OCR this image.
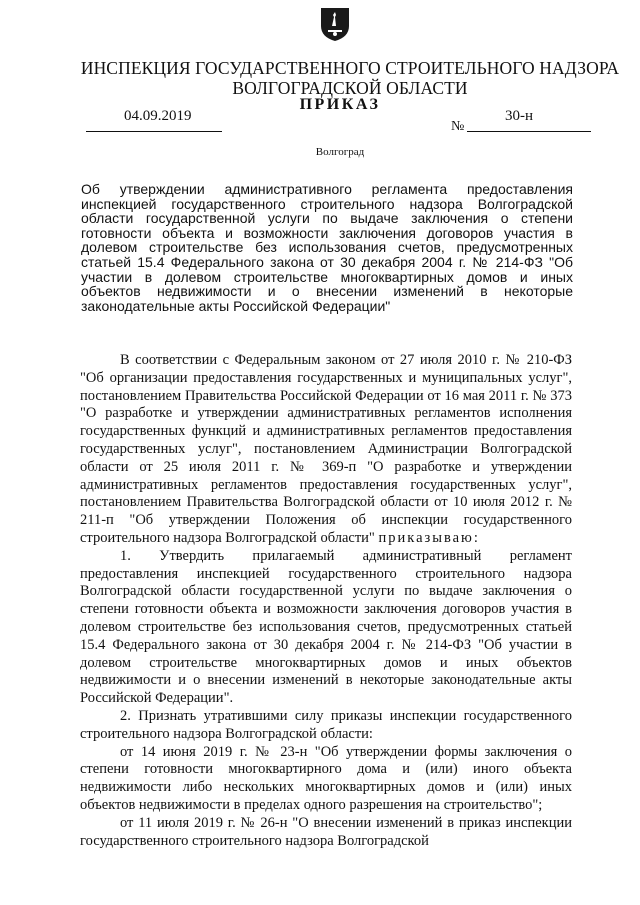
ИНСПЕКЦИЯ ГОСУДАРСТВЕННОГО СТРОИТЕЛЬНОГО НАДЗОРА
ВОЛГОГРАДСКОЙ ОБЛАСТИ
ПРИКАЗ
04.09.2019
№
30-н
Волгоград
Об утверждении административного регламента предоставления инспекцией государственного строительного надзора Волгоградской области государственной услуги по выдаче заключения о степени готовности объекта и возможности заключения договоров участия в долевом строительстве без использования счетов, предусмотренных статьей 15.4 Федерального закона от 30 декабря 2004 г. № 214-ФЗ "Об участии в долевом строительстве многоквартирных домов и иных объектов недвижимости и о внесении изменений в некоторые законодательные акты Российской Федерации"

В соответствии с Федеральным законом от 27 июля 2010 г. № 210-ФЗ "Об организации предоставления государственных и муниципальных услуг", постановлением Правительства Российской Федерации от 16 мая 2011 г. № 373 "О разработке и утверждении административных регламентов исполнения государственных функций и административных регламентов предоставления государственных услуг", постановлением Администрации Волгоградской области от 25 июля 2011 г. № 369-п "О разработке и утверждении административных регламентов предоставления государственных услуг", постановлением Правительства Волгоградской области от 10 июля 2012 г. № 211-п "Об утверждении Положения об инспекции государственного строительного надзора Волгоградской области" приказываю:

1. Утвердить прилагаемый административный регламент предоставления инспекцией государственного строительного надзора Волгоградской области государственной услуги по выдаче заключения о степени готовности объекта и возможности заключения договоров участия в долевом строительстве без использования счетов, предусмотренных статьей 15.4 Федерального закона от 30 декабря 2004 г. № 214-ФЗ "Об участии в долевом строительстве многоквартирных домов и иных объектов недвижимости и о внесении изменений в некоторые законодательные акты Российской Федерации".

2. Признать утратившими силу приказы инспекции государственного строительного надзора Волгоградской области:

от 14 июня 2019 г. № 23-н "Об утверждении формы заключения о степени готовности многоквартирного дома и (или) иного объекта недвижимости либо нескольких многоквартирных домов и (или) иных объектов недвижимости в пределах одного разрешения на строительство";

от 11 июля 2019 г. № 26-н "О внесении изменений в приказ инспекции государственного строительного надзора Волгоградской
